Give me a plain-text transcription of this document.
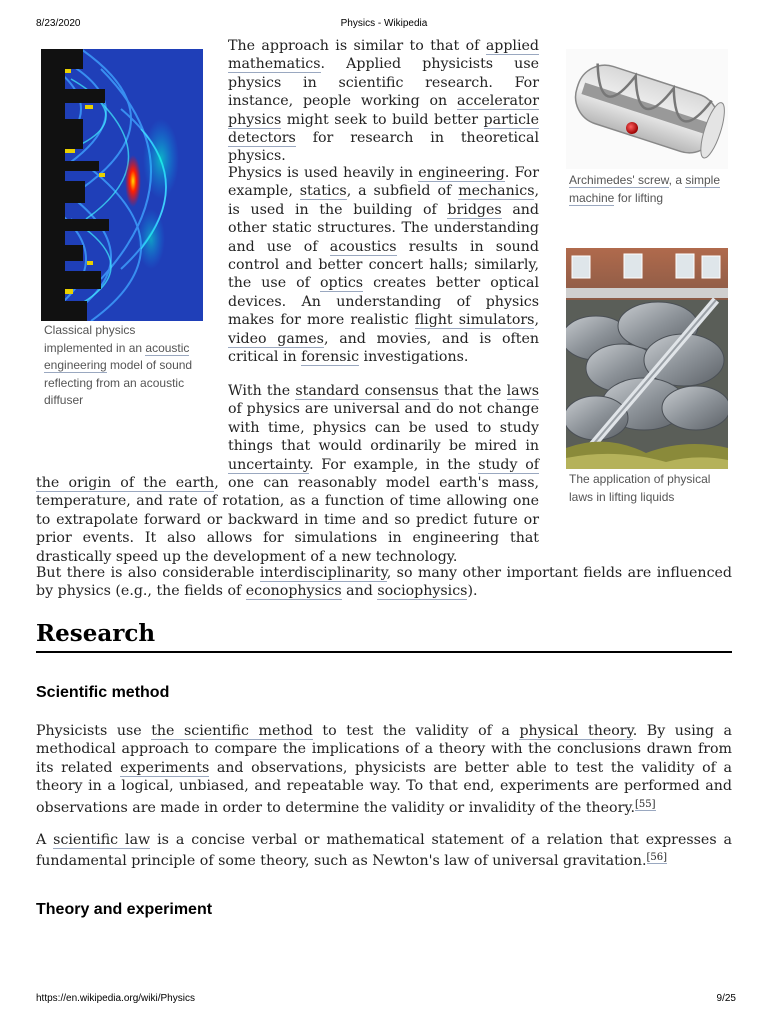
8/23/2020	Physics - Wikipedia
Classical physics implemented in an acoustic engineering model of sound reflecting from an acoustic diffuser
Archimedes' screw, a simple machine for lifting
The application of physical laws in lifting liquids

The approach is similar to that of applied mathematics. Applied physicists use physics in scientific research. For instance, people working on accelerator physics might seek to build better particle detectors for research in theoretical physics.

Physics is used heavily in engineering. For example, statics, a subfield of mechanics, is used in the building of bridges and other static structures. The understanding and use of acoustics results in sound control and better concert halls; similarly, the use of optics creates better optical devices. An understanding of physics makes for more realistic flight simulators, video games, and movies, and is often critical in forensic investigations.

With the standard consensus that the laws of physics are universal and do not change with time, physics can be used to study things that would ordinarily be mired in uncertainty. For example, in the study of the origin of the earth, one can reasonably model earth's mass, temperature, and rate of rotation, as a function of time allowing one to extrapolate forward or backward in time and so predict future or prior events. It also allows for simulations in engineering that drastically speed up the development of a new technology.

But there is also considerable interdisciplinarity, so many other important fields are influenced by physics (e.g., the fields of econophysics and sociophysics).

Research
Scientific method

Physicists use the scientific method to test the validity of a physical theory. By using a methodical approach to compare the implications of a theory with the conclusions drawn from its related experiments and observations, physicists are better able to test the validity of a theory in a logical, unbiased, and repeatable way. To that end, experiments are performed and observations are made in order to determine the validity or invalidity of the theory.[55]

A scientific law is a concise verbal or mathematical statement of a relation that expresses a fundamental principle of some theory, such as Newton's law of universal gravitation.[56]

Theory and experiment
https://en.wikipedia.org/wiki/Physics	9/25
